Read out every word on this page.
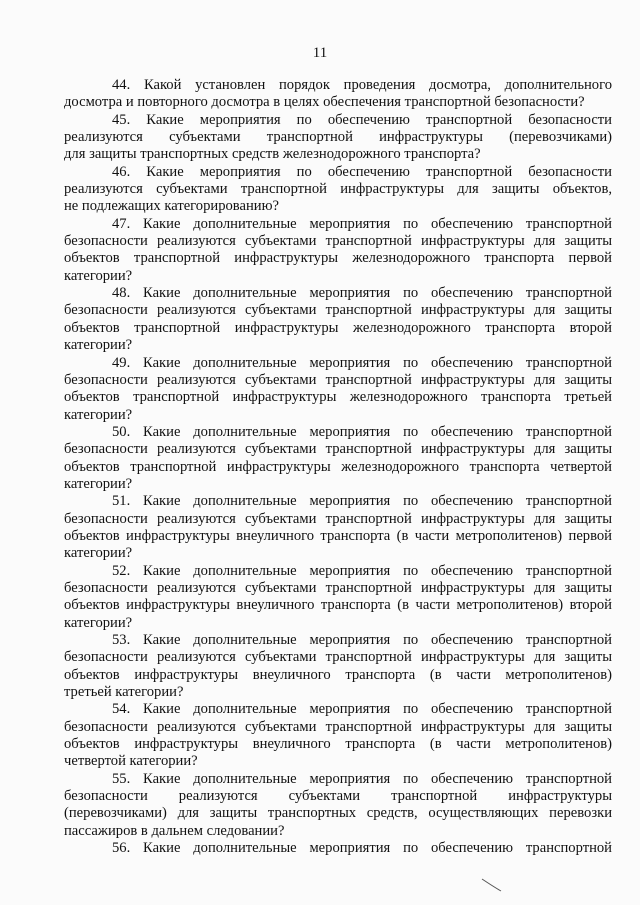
11
44. Какой установлен порядок проведения досмотра, дополнительного
досмотра и повторного досмотра в целях обеспечения транспортной безопасности?
45. Какие мероприятия по обеспечению транспортной безопасности
реализуются субъектами транспортной инфраструктуры (перевозчиками)
для защиты транспортных средств железнодорожного транспорта?
46. Какие мероприятия по обеспечению транспортной безопасности
реализуются субъектами транспортной инфраструктуры для защиты объектов,
не подлежащих категорированию?
47. Какие дополнительные мероприятия по обеспечению транспортной
безопасности реализуются субъектами транспортной инфраструктуры для защиты
объектов транспортной инфраструктуры железнодорожного транспорта первой
категории?
48. Какие дополнительные мероприятия по обеспечению транспортной
безопасности реализуются субъектами транспортной инфраструктуры для защиты
объектов транспортной инфраструктуры железнодорожного транспорта второй
категории?
49. Какие дополнительные мероприятия по обеспечению транспортной
безопасности реализуются субъектами транспортной инфраструктуры для защиты
объектов транспортной инфраструктуры железнодорожного транспорта третьей
категории?
50. Какие дополнительные мероприятия по обеспечению транспортной
безопасности реализуются субъектами транспортной инфраструктуры для защиты
объектов транспортной инфраструктуры железнодорожного транспорта четвертой
категории?
51. Какие дополнительные мероприятия по обеспечению транспортной
безопасности реализуются субъектами транспортной инфраструктуры для защиты
объектов инфраструктуры внеуличного транспорта (в части метрополитенов) первой
категории?
52. Какие дополнительные мероприятия по обеспечению транспортной
безопасности реализуются субъектами транспортной инфраструктуры для защиты
объектов инфраструктуры внеуличного транспорта (в части метрополитенов) второй
категории?
53. Какие дополнительные мероприятия по обеспечению транспортной
безопасности реализуются субъектами транспортной инфраструктуры для защиты
объектов инфраструктуры внеуличного транспорта (в части метрополитенов)
третьей категории?
54. Какие дополнительные мероприятия по обеспечению транспортной
безопасности реализуются субъектами транспортной инфраструктуры для защиты
объектов инфраструктуры внеуличного транспорта (в части метрополитенов)
четвертой категории?
55. Какие дополнительные мероприятия по обеспечению транспортной
безопасности реализуются субъектами транспортной инфраструктуры
(перевозчиками) для защиты транспортных средств, осуществляющих перевозки
пассажиров в дальнем следовании?
56. Какие дополнительные мероприятия по обеспечению транспортной
